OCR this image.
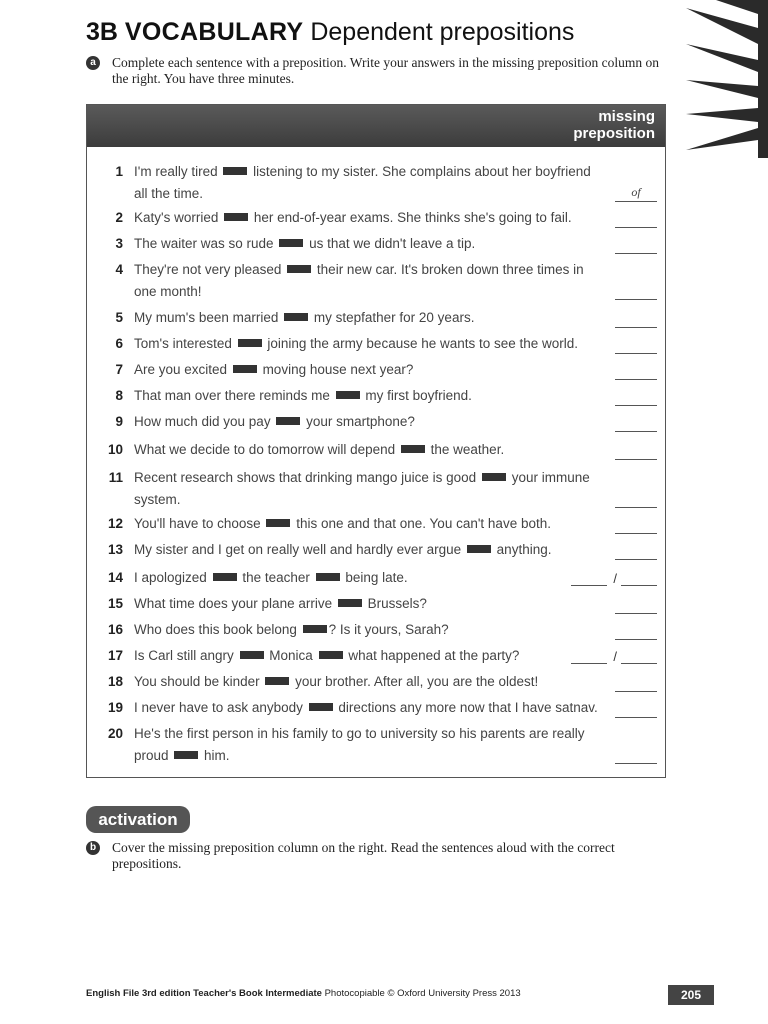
3B VOCABULARY Dependent prepositions
a	Complete each sentence with a preposition. Write your answers in the missing preposition column on the right. You have three minutes.
missing
preposition
1 I'm really tired  listening to my sister. She complains about her boyfriend all the time.	of
2 Katy's worried  her end-of-year exams. She thinks she's going to fail.
3 The waiter was so rude  us that we didn't leave a tip.
4 They're not very pleased  their new car. It's broken down three times in one month!
5 My mum's been married  my stepfather for 20 years.
6 Tom's interested  joining the army because he wants to see the world.
7 Are you excited  moving house next year?
8 That man over there reminds me  my first boyfriend.
9 How much did you pay  your smartphone?
10 What we decide to do tomorrow will depend  the weather.
11 Recent research shows that drinking mango juice is good  your immune system.
12 You'll have to choose  this one and that one. You can't have both.
13 My sister and I get on really well and hardly ever argue  anything.
14 I apologized  the teacher  being late.	/
15 What time does your plane arrive  Brussels?
16 Who does this book belong ? Is it yours, Sarah?
17 Is Carl still angry  Monica  what happened at the party?	/
18 You should be kinder  your brother. After all, you are the oldest!
19 I never have to ask anybody  directions any more now that I have satnav.
20 He's the first person in his family to go to university so his parents are really proud  him.
activation
b	Cover the missing preposition column on the right. Read the sentences aloud with the correct prepositions.
English File 3rd edition Teacher's Book Intermediate Photocopiable © Oxford University Press 2013	205
